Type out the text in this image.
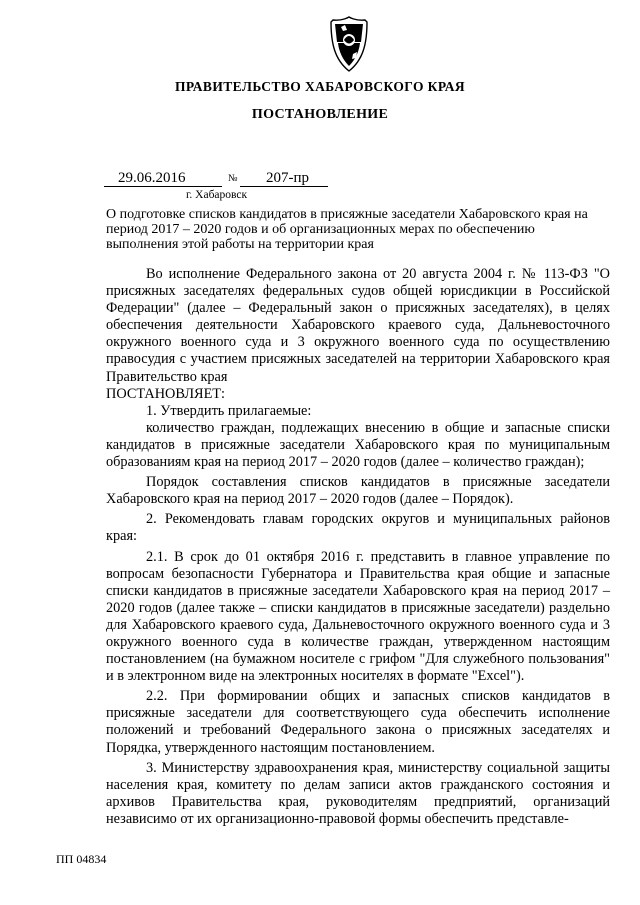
ПРАВИТЕЛЬСТВО ХАБАРОВСКОГО КРАЯ
ПОСТАНОВЛЕНИЕ
29.06.2016	№	207-пр
г. Хабаровск
О подготовке списков кандидатов в присяжные заседатели Хабаровского края на период 2017 – 2020 годов и об организационных мерах по обеспечению выполнения этой работы на территории края

Во исполнение Федерального закона от 20 августа 2004 г. № 113-ФЗ "О присяжных заседателях федеральных судов общей юрисдикции в Российской Федерации" (далее – Федеральный закон о присяжных заседателях), в целях обеспечения деятельности Хабаровского краевого суда, Дальневосточного окружного военного суда и 3 окружного военного суда по осуществлению правосудия с участием присяжных заседателей на территории Хабаровского края Правительство края

ПОСТАНОВЛЯЕТ:

1. Утвердить прилагаемые:

количество граждан, подлежащих внесению в общие и запасные списки кандидатов в присяжные заседатели Хабаровского края по муниципальным образованиям края на период 2017 – 2020 годов (далее – количество граждан);

Порядок составления списков кандидатов в присяжные заседатели Хабаровского края на период 2017 – 2020 годов (далее – Порядок).

2. Рекомендовать главам городских округов и муниципальных районов края:

2.1. В срок до 01 октября 2016 г. представить в главное управление по вопросам безопасности Губернатора и Правительства края общие и запасные списки кандидатов в присяжные заседатели Хабаровского края на период 2017 – 2020 годов (далее также – списки кандидатов в присяжные заседатели) раздельно для Хабаровского краевого суда, Дальневосточного окружного военного суда и 3 окружного военного суда в количестве граждан, утвержденном настоящим постановлением (на бумажном носителе с грифом "Для служебного пользования" и в электронном виде на электронных носителях в формате "Excel").

2.2. При формировании общих и запасных списков кандидатов в присяжные заседатели для соответствующего суда обеспечить исполнение положений и требований Федерального закона о присяжных заседателях и Порядка, утвержденного настоящим постановлением.

3. Министерству здравоохранения края, министерству социальной защиты населения края, комитету по делам записи актов гражданского состояния и архивов Правительства края, руководителям предприятий, организаций независимо от их организационно-правовой формы обеспечить представле-

ПП 04834
